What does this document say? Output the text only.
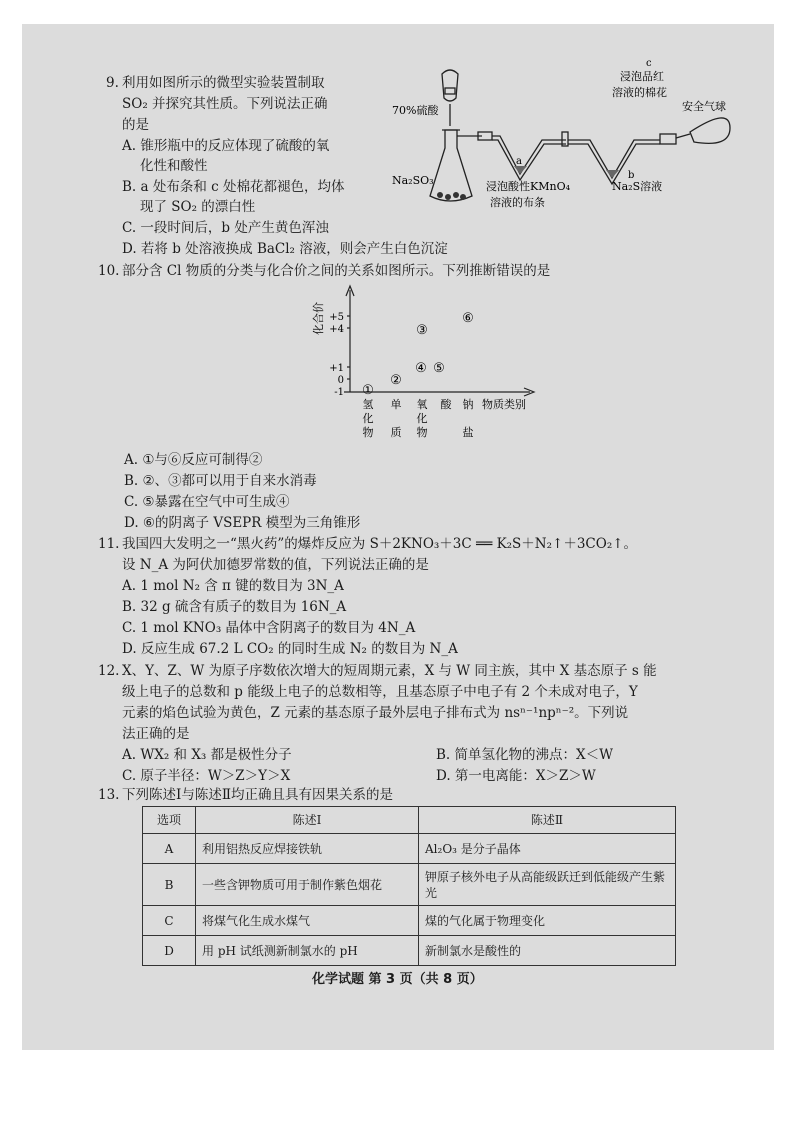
9. 利用如图所示的微型实验装置制取
SO₂ 并探究其性质。下列说法正确
的是
A. 锥形瓶中的反应体现了硫酸的氧
化性和酸性
B. a 处布条和 c 处棉花都褪色，均体
现了 SO₂ 的漂白性
C. 一段时间后，b 处产生黄色浑浊
D. 若将 b 处溶液换成 BaCl₂ 溶液，则会产生白色沉淀
70%硫酸
Na₂SO₃
a
浸泡酸性KMnO₄
溶液的布条
b
Na₂S溶液
c
浸泡品红
溶液的棉花
安全气球
10. 部分含 Cl 物质的分类与化合价之间的关系如图所示。下列推断错误的是
化合价 +5
+4
+1
0
-1 ①
②
③
④ ⑤
⑥
氢
化
物
单
质
氧
化
物
酸 钠
盐
物质类别
A. ①与⑥反应可制得②
B. ②、③都可以用于自来水消毒
C. ⑤暴露在空气中可生成④
D. ⑥的阴离子 VSEPR 模型为三角锥形
11. 我国四大发明之一“黑火药”的爆炸反应为 S＋2KNO₃＋3C ══ K₂S＋N₂↑＋3CO₂↑。
设 N_A 为阿伏加德罗常数的值，下列说法正确的是
A. 1 mol N₂ 含 π 键的数目为 3N_A
B. 32 g 硫含有质子的数目为 16N_A
C. 1 mol KNO₃ 晶体中含阴离子的数目为 4N_A
D. 反应生成 67.2 L CO₂ 的同时生成 N₂ 的数目为 N_A
12. X、Y、Z、W 为原子序数依次增大的短周期元素，X 与 W 同主族，其中 X 基态原子 s 能
级上电子的总数和 p 能级上电子的总数相等，且基态原子中电子有 2 个未成对电子，Y
元素的焰色试验为黄色，Z 元素的基态原子最外层电子排布式为 nsⁿ⁻¹npⁿ⁻²。下列说
法正确的是
A. WX₂ 和 X₃ 都是极性分子	B. 简单氢化物的沸点：X＜W
C. 原子半径：W＞Z＞Y＞X	D. 第一电离能：X＞Z＞W
13. 下列陈述Ⅰ与陈述Ⅱ均正确且具有因果关系的是
选项	陈述Ⅰ	陈述Ⅱ
A	利用铝热反应焊接铁轨	Al₂O₃ 是分子晶体
B	一些含钾物质可用于制作紫色烟花	钾原子核外电子从高能级跃迁到低能级产生紫光
C	将煤气化生成水煤气	煤的气化属于物理变化
D	用 pH 试纸测新制氯水的 pH	新制氯水是酸性的
化学试题 第 3 页（共 8 页）
